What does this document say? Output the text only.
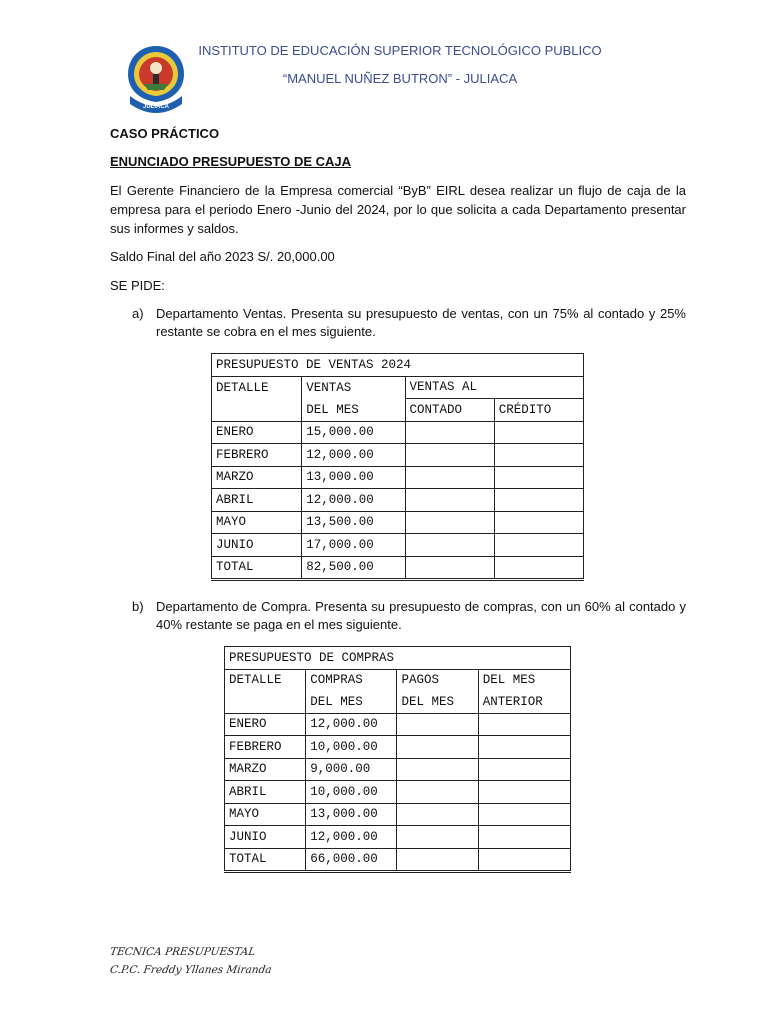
JULIACA
INSTITUTO DE EDUCACIÓN SUPERIOR TECNOLÓGICO PUBLICO
“MANUEL NUÑEZ BUTRON” - JULIACA
CASO PRÁCTICO
ENUNCIADO PRESUPUESTO DE CAJA
El Gerente Financiero de la Empresa comercial “ByB” EIRL desea realizar un flujo de caja de la empresa para el periodo Enero -Junio del 2024, por lo que solicita a cada Departamento presentar sus informes y saldos.
Saldo Final del año 2023 S/. 20,000.00
SE PIDE:
a) Departamento Ventas. Presenta su presupuesto de ventas, con un 75% al contado y 25% restante se cobra en el mes siguiente.
PRESUPUESTO DE VENTAS 2024			
DETALLE	VENTAS	VENTAS AL	
	DEL MES	CONTADO	CRÉDITO
ENERO	15,000.00		
FEBRERO	12,000.00		
MARZO	13,000.00		
ABRIL	12,000.00		
MAYO	13,500.00		
JUNIO	17,000.00		
TOTAL	82,500.00		
b) Departamento de Compra. Presenta su presupuesto de compras, con un 60% al contado y 40% restante se paga en el mes siguiente.
PRESUPUESTO DE COMPRAS			
DETALLE	COMPRAS	PAGOS	DEL MES
	DEL MES	DEL MES	ANTERIOR
ENERO	12,000.00		
FEBRERO	10,000.00		
MARZO	9,000.00		
ABRIL	10,000.00		
MAYO	13,000.00		
JUNIO	12,000.00		
TOTAL	66,000.00		
TECNICA PRESUPUESTAL
C.P.C. Freddy Yllanes Miranda
